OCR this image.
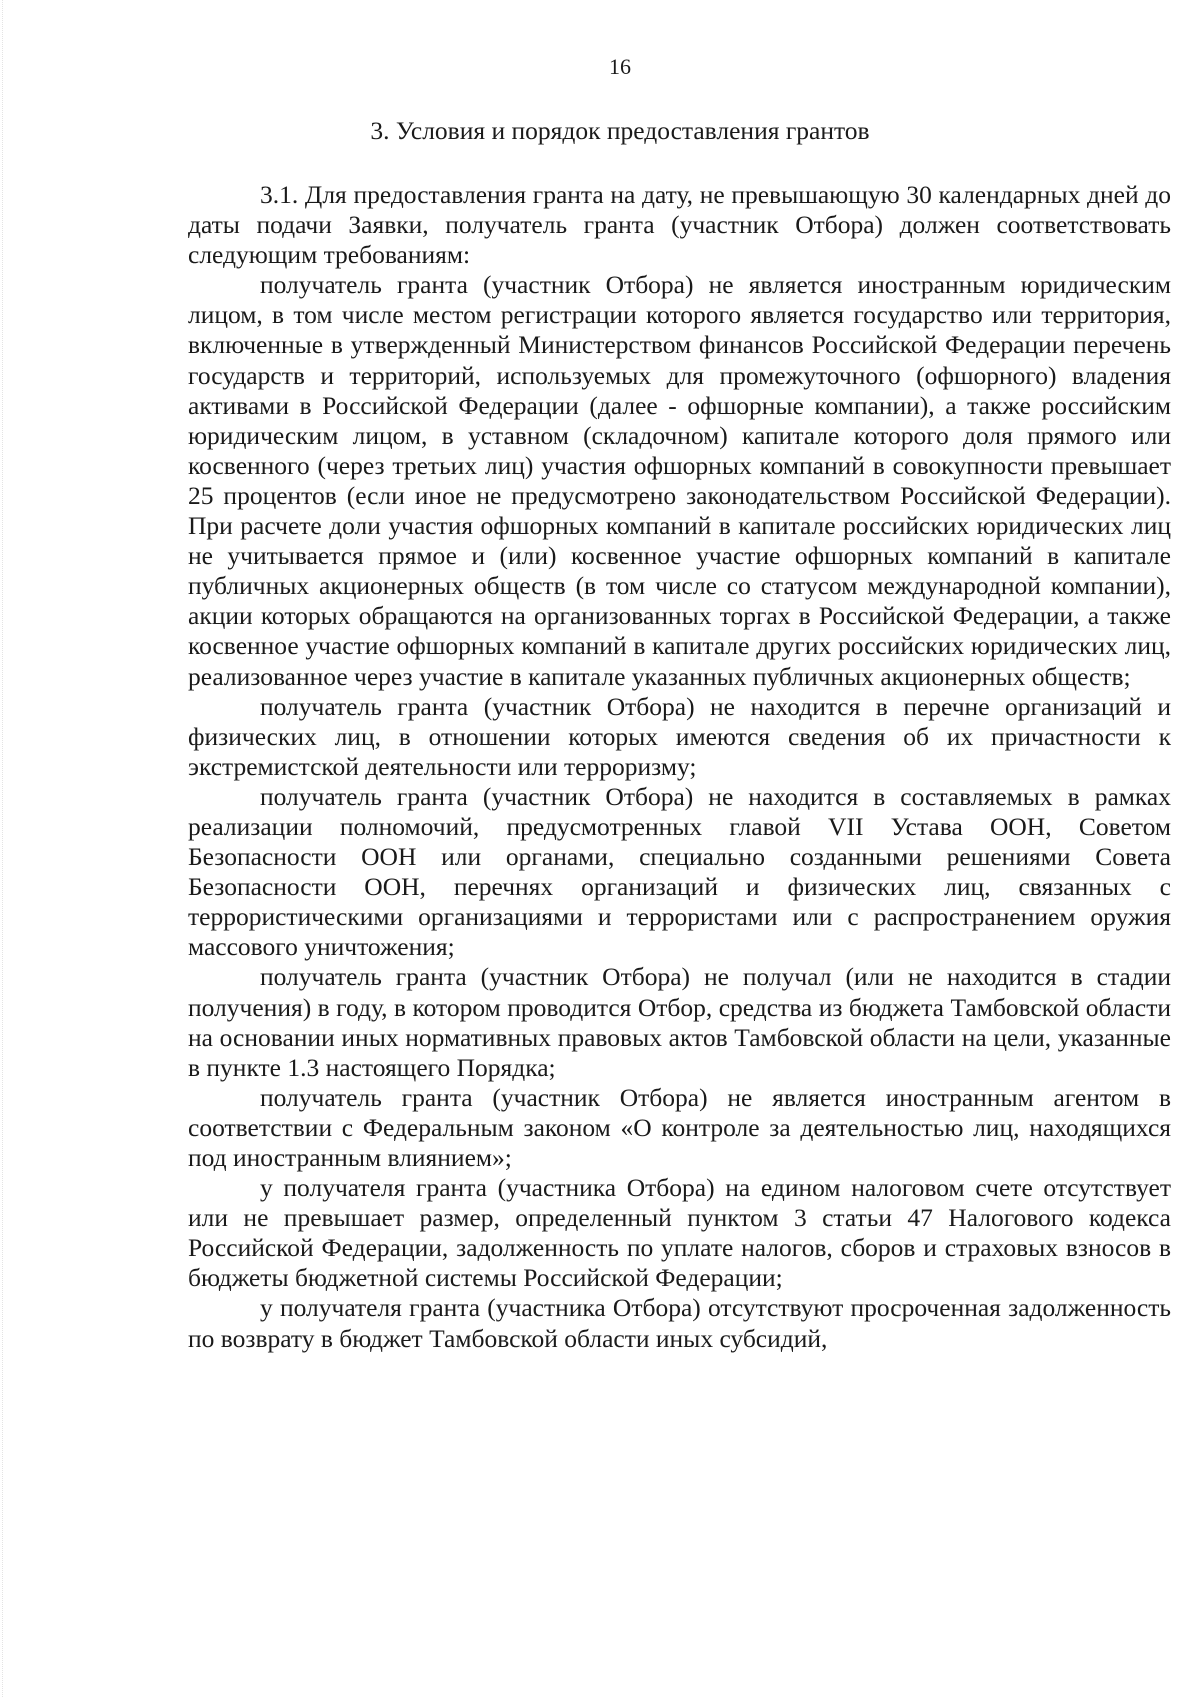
16
3. Условия и порядок предоставления грантов

3.1. Для предоставления гранта на дату, не превышающую 30 календарных дней до даты подачи Заявки, получатель гранта (участник Отбора) должен соответствовать следующим требованиям:

получатель гранта (участник Отбора) не является иностранным юридическим лицом, в том числе местом регистрации которого является государство или территория, включенные в утвержденный Министерством финансов Российской Федерации перечень государств и территорий, используемых для промежуточного (офшорного) владения активами в Российской Федерации (далее - офшорные компании), а также российским юридическим лицом, в уставном (складочном) капитале которого доля прямого или косвенного (через третьих лиц) участия офшорных компаний в совокупности превышает 25 процентов (если иное не предусмотрено законодательством Российской Федерации). При расчете доли участия офшорных компаний в капитале российских юридических лиц не учитывается прямое и (или) косвенное участие офшорных компаний в капитале публичных акционерных обществ (в том числе со статусом международной компании), акции которых обращаются на организованных торгах в Российской Федерации, а также косвенное участие офшорных компаний в капитале других российских юридических лиц, реализованное через участие в капитале указанных публичных акционерных обществ;

получатель гранта (участник Отбора) не находится в перечне организаций и физических лиц, в отношении которых имеются сведения об их причастности к экстремистской деятельности или терроризму;

получатель гранта (участник Отбора) не находится в составляемых в рамках реализации полномочий, предусмотренных главой VII Устава ООН, Советом Безопасности ООН или органами, специально созданными решениями Совета Безопасности ООН, перечнях организаций и физических лиц, связанных с террористическими организациями и террористами или с распространением оружия массового уничтожения;

получатель гранта (участник Отбора) не получал (или не находится в стадии получения) в году, в котором проводится Отбор, средства из бюджета Тамбовской области на основании иных нормативных правовых актов Тамбовской области на цели, указанные в пункте 1.3 настоящего Порядка;

получатель гранта (участник Отбора) не является иностранным агентом в соответствии с Федеральным законом «О контроле за деятельностью лиц, находящихся под иностранным влиянием»;

у получателя гранта (участника Отбора) на едином налоговом счете отсутствует или не превышает размер, определенный пунктом 3 статьи 47 Налогового кодекса Российской Федерации, задолженность по уплате налогов, сборов и страховых взносов в бюджеты бюджетной системы Российской Федерации;

у получателя гранта (участника Отбора) отсутствуют просроченная задолженность по возврату в бюджет Тамбовской области иных субсидий,
